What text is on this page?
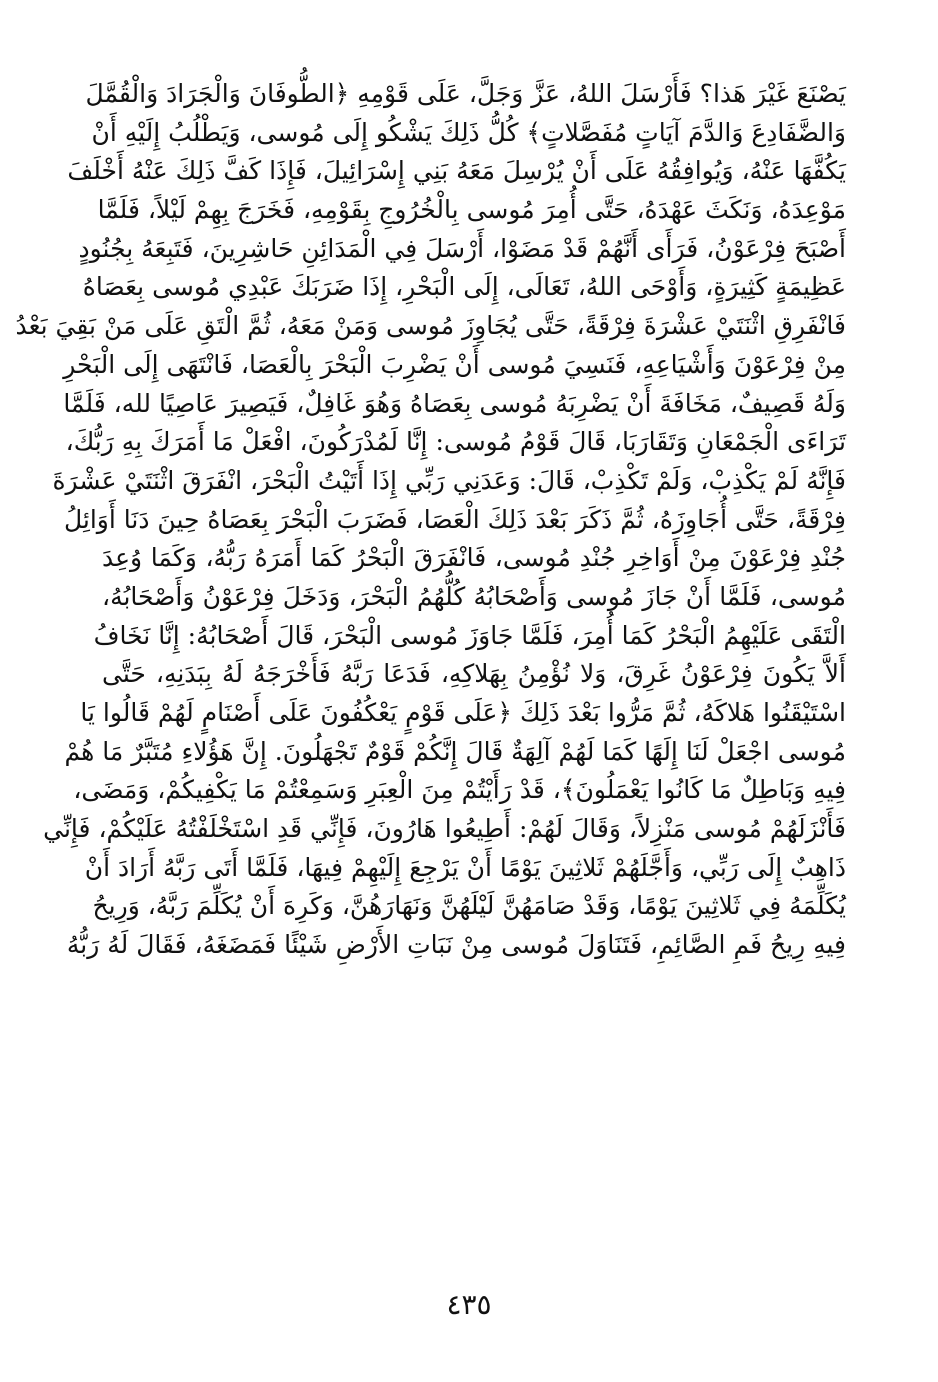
يَصْنَعَ غَيْرَ هَذا؟ فَأَرْسَلَ اللهُ، عَزَّ وَجَلَّ، عَلَى قَوْمِهِ ﴿الطُّوفَانَ وَالْجَرَادَ وَالْقُمَّلَ
وَالضَّفَادِعَ وَالدَّمَ آيَاتٍ مُفَصَّلاتٍ﴾ كُلُّ ذَلِكَ يَشْكُو إِلَى مُوسى، وَيَطْلُبُ إِلَيْهِ أَنْ
يَكُفَّهَا عَنْهُ، وَيُوافِقُهُ عَلَى أَنْ يُرْسِلَ مَعَهُ بَنِي إِسْرَائِيلَ، فَإِذَا كَفَّ ذَلِكَ عَنْهُ أَخْلَفَ
مَوْعِدَهُ، وَنَكَثَ عَهْدَهُ، حَتَّى أُمِرَ مُوسى بِالْخُرُوجِ بِقَوْمِهِ، فَخَرَجَ بِهِمْ لَيْلاً، فَلَمَّا
أَصْبَحَ فِرْعَوْنُ، فَرَأَى أَنَّهُمْ قَدْ مَضَوْا، أَرْسَلَ فِي الْمَدَائِنِ حَاشِرِينَ، فَتَبِعَهُ بِجُنُودٍ
عَظِيمَةٍ كَثِيرَةٍ، وَأَوْحَى اللهُ، تَعَالَى، إِلَى الْبَحْرِ، إِذَا ضَرَبَكَ عَبْدِي مُوسى بِعَصَاهُ
فَانْفَرِقِ اثْنَتَيْ عَشْرَةَ فِرْقَةً، حَتَّى يُجَاوِزَ مُوسى وَمَنْ مَعَهُ، ثُمَّ الْتَقِ عَلَى مَنْ بَقِيَ بَعْدُ
مِنْ فِرْعَوْنَ وَأَشْيَاعِهِ، فَنَسِيَ مُوسى أَنْ يَضْرِبَ الْبَحْرَ بِالْعَصَا، فَانْتَهَى إِلَى الْبَحْرِ
وَلَهُ قَصِيفٌ، مَخَافَةَ أَنْ يَضْرِبَهُ مُوسى بِعَصَاهُ وَهُوَ غَافِلٌ، فَيَصِيرَ عَاصِيًا لله، فَلَمَّا
تَرَاءَى الْجَمْعَانِ وَتَقَارَبَا، قَالَ قَوْمُ مُوسى: إِنَّا لَمُدْرَكُونَ، افْعَلْ مَا أَمَرَكَ بِهِ رَبُّكَ،
فَإِنَّهُ لَمْ يَكْذِبْ، وَلَمْ تَكْذِبْ، قَالَ: وَعَدَنِي رَبِّي إِذَا أَتَيْتُ الْبَحْرَ، انْفَرَقَ اثْنَتَيْ عَشْرَةَ
فِرْقَةً، حَتَّى أُجَاوِزَهُ، ثُمَّ ذَكَرَ بَعْدَ ذَلِكَ الْعَصَا، فَضَرَبَ الْبَحْرَ بِعَصَاهُ حِينَ دَنَا أَوَائِلُ
جُنْدِ فِرْعَوْنَ مِنْ أَوَاخِرِ جُنْدِ مُوسى، فَانْفَرَقَ الْبَحْرُ كَمَا أَمَرَهُ رَبُّهُ، وَكَمَا وُعِدَ
مُوسى، فَلَمَّا أَنْ جَازَ مُوسى وَأَصْحَابُهُ كُلُّهُمُ الْبَحْرَ، وَدَخَلَ فِرْعَوْنُ وَأَصْحَابُهُ،
الْتَقَى عَلَيْهِمُ الْبَحْرُ كَمَا أُمِرَ، فَلَمَّا جَاوَزَ مُوسى الْبَحْرَ، قَالَ أَصْحَابُهُ: إِنَّا نَخَافُ
أَلاَّ يَكُونَ فِرْعَوْنُ غَرِقَ، وَلا نُؤْمِنُ بِهَلاكِهِ، فَدَعَا رَبَّهُ فَأَخْرَجَهُ لَهُ بِبَدَنِهِ، حَتَّى
اسْتَيْقَنُوا هَلاكَهُ، ثُمَّ مَرُّوا بَعْدَ ذَلِكَ ﴿عَلَى قَوْمٍ يَعْكُفُونَ عَلَى أَصْنَامٍ لَهُمْ قَالُوا يَا
مُوسى اجْعَلْ لَنَا إِلَهًا كَمَا لَهُمْ آلِهَةٌ قَالَ إِنَّكُمْ قَوْمٌ تَجْهَلُونَ. إِنَّ هَؤُلاءِ مُتَبَّرٌ مَا هُمْ
فِيهِ وَبَاطِلٌ مَا كَانُوا يَعْمَلُونَ﴾، قَدْ رَأَيْتُمْ مِنَ الْعِبَرِ وَسَمِعْتُمْ مَا يَكْفِيكُمْ، وَمَضَى،
فَأَنْزَلَهُمْ مُوسى مَنْزِلاً، وَقَالَ لَهُمْ: أَطِيعُوا هَارُونَ، فَإِنِّي قَدِ اسْتَخْلَفْتُهُ عَلَيْكُمْ، فَإِنِّي
ذَاهِبٌ إِلَى رَبِّي، وَأَجَّلَهُمْ ثَلاثِينَ يَوْمًا أَنْ يَرْجِعَ إِلَيْهِمْ فِيهَا، فَلَمَّا أَتَى رَبَّهُ أَرَادَ أَنْ
يُكَلِّمَهُ فِي ثَلاثِينَ يَوْمًا، وَقَدْ صَامَهُنَّ لَيْلَهُنَّ وَنَهَارَهُنَّ، وَكَرِهَ أَنْ يُكَلِّمَ رَبَّهُ، وَرِيحُ
فِيهِ رِيحُ فَمِ الصَّائِمِ، فَتَنَاوَلَ مُوسى مِنْ نَبَاتِ الأَرْضِ شَيْئًا فَمَضَغَهُ، فَقَالَ لَهُ رَبُّهُ
٤٣٥
